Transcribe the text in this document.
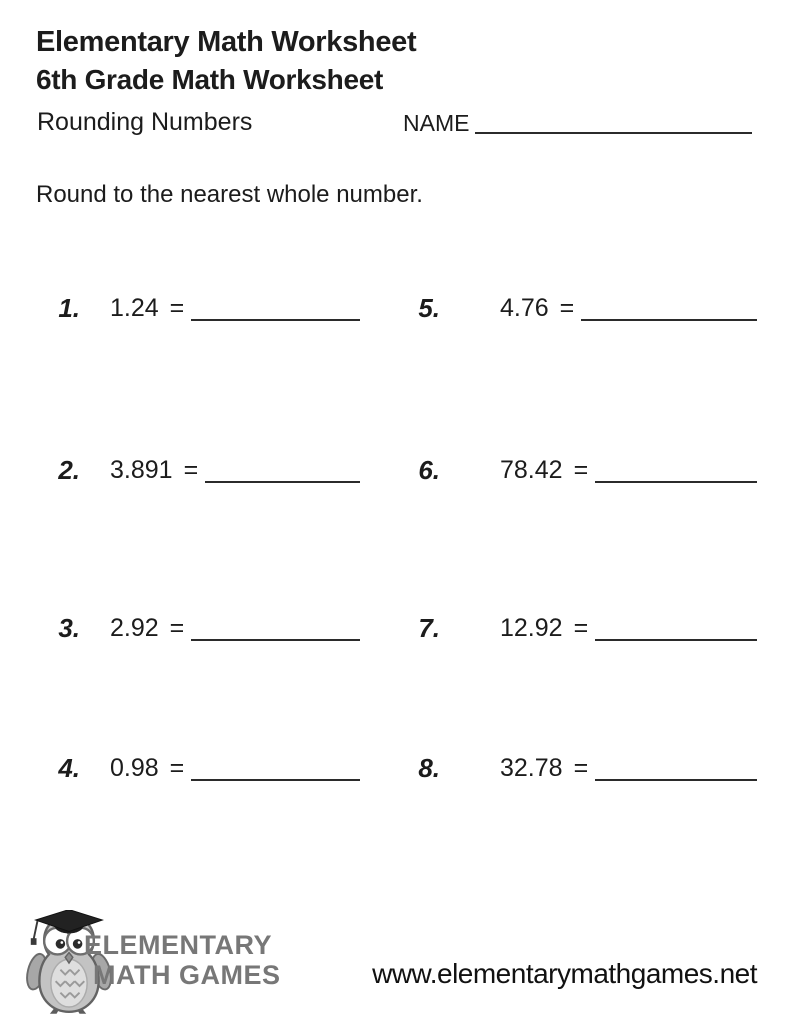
Elementary Math Worksheet
6th Grade Math Worksheet
Rounding Numbers	NAME
Round to the nearest whole number.
1. 1.24 =	5. 4.76 =
2. 3.891 =	6. 78.42 =
3. 2.92 =	7. 12.92 =
4. 0.98 =	8. 32.78 =
ELEMENTARY
MATH GAMES	www.elementarymathgames.net
